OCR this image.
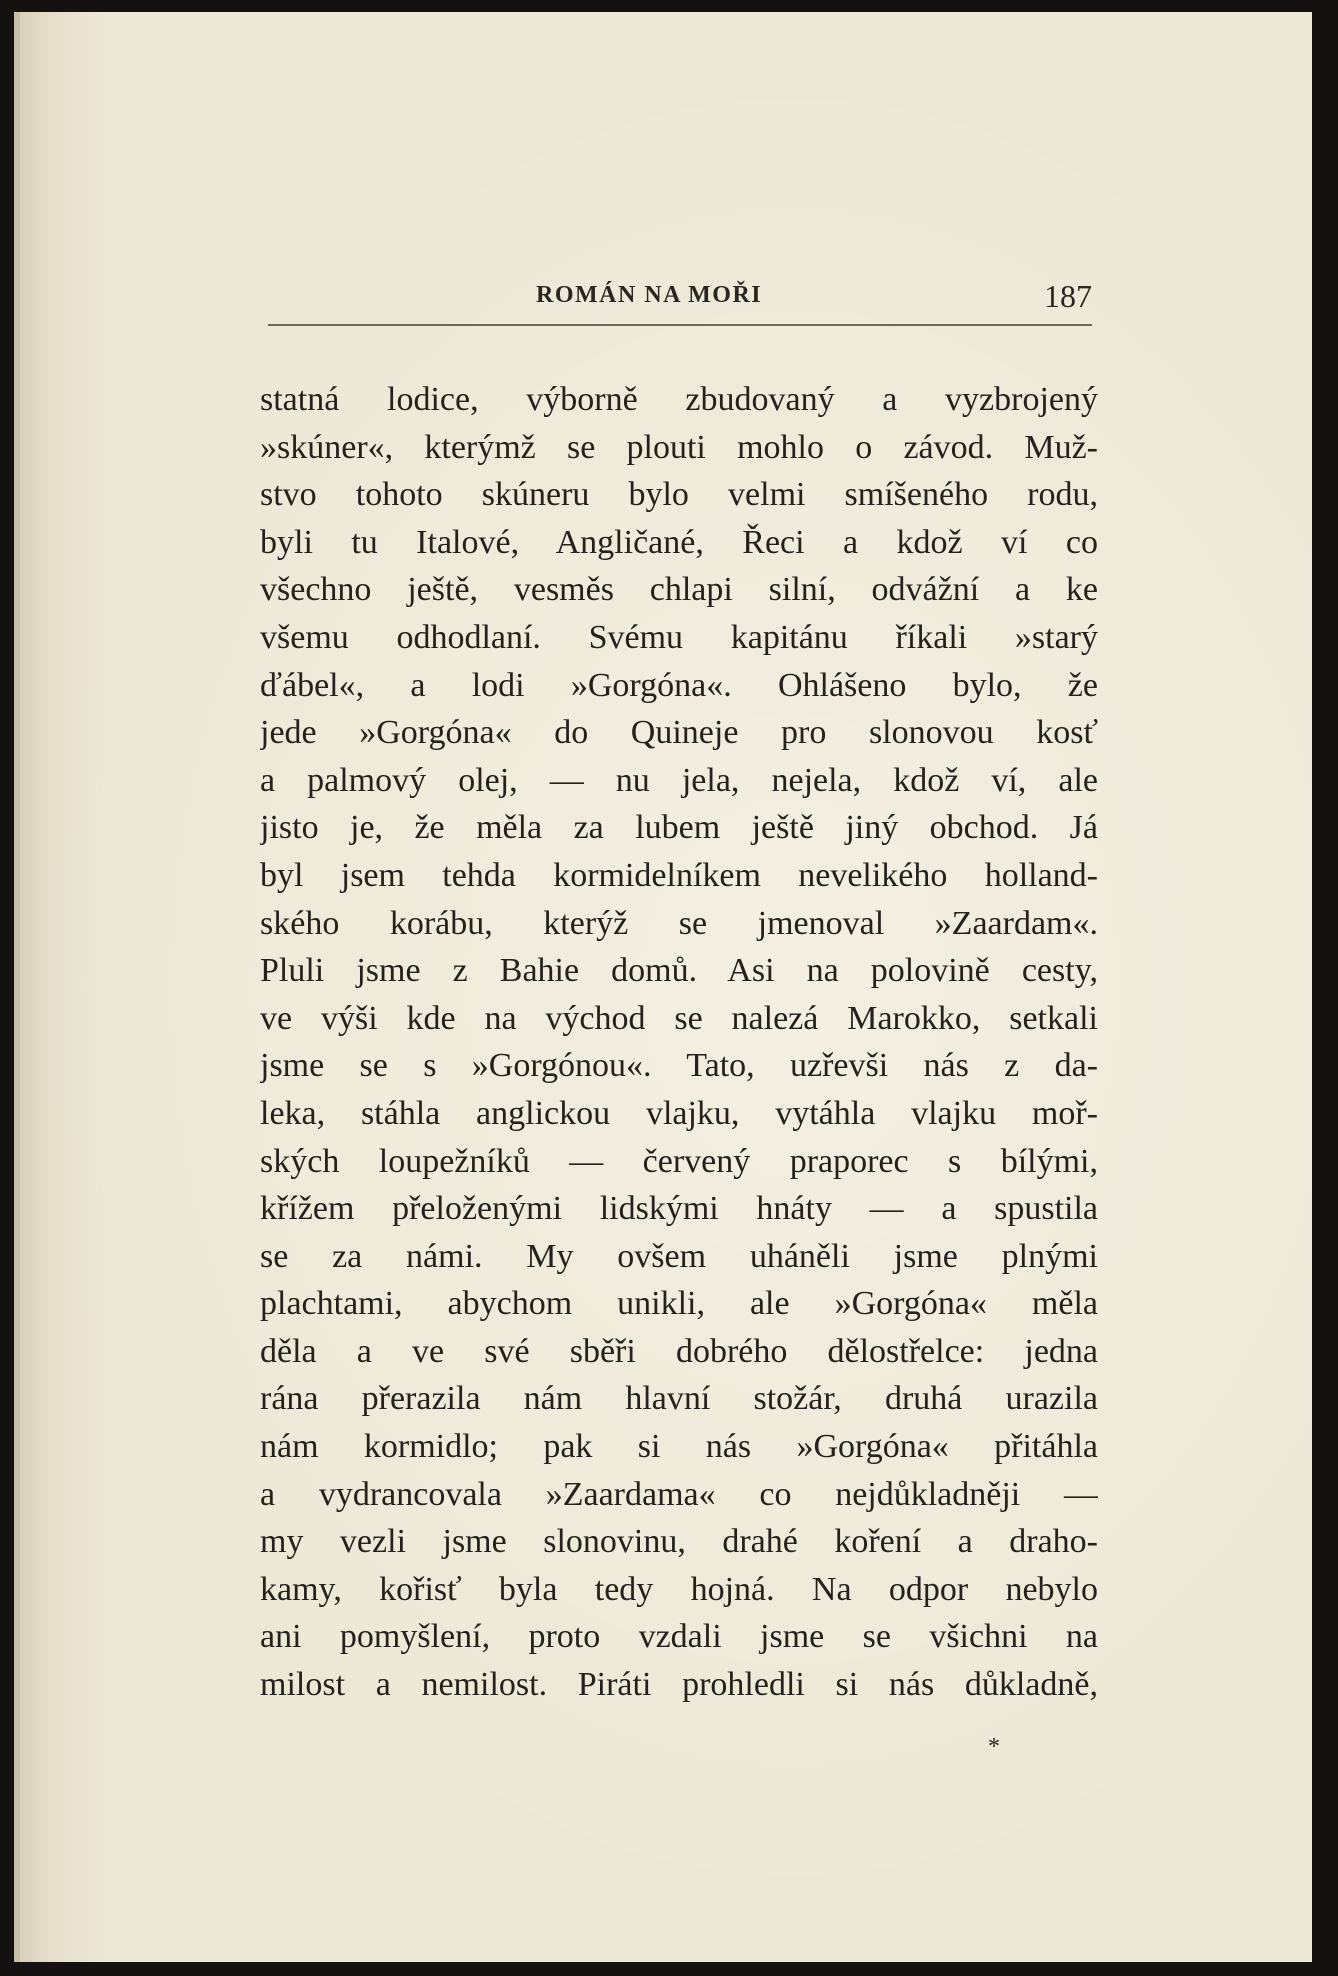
ROMÁN NA MOŘI	187
statná lodice, výborně zbudovaný a vyzbrojený
»skúner«, kterýmž se plouti mohlo o závod. Muž-
stvo tohoto skúneru bylo velmi smíšeného rodu,
byli tu Italové, Angličané, Řeci a kdož ví co
všechno ještě, vesměs chlapi silní, odvážní a ke
všemu odhodlaní. Svému kapitánu říkali »starý
ďábel«, a lodi »Gorgóna«. Ohlášeno bylo, že
jede »Gorgóna« do Quineje pro slonovou kosť
a palmový olej, — nu jela, nejela, kdož ví, ale
jisto je, že měla za lubem ještě jiný obchod. Já
byl jsem tehda kormidelníkem nevelikého holland-
ského korábu, kterýž se jmenoval »Zaardam«.
Pluli jsme z Bahie domů. Asi na polovině cesty,
ve výši kde na východ se nalezá Marokko, setkali
jsme se s »Gorgónou«. Tato, uzřevši nás z da-
leka, stáhla anglickou vlajku, vytáhla vlajku moř-
ských loupežníků — červený praporec s bílými,
křížem přeloženými lidskými hnáty — a spustila
se za námi. My ovšem uháněli jsme plnými
plachtami, abychom unikli, ale »Gorgóna« měla
děla a ve své sběři dobrého dělostřelce: jedna
rána přerazila nám hlavní stožár, druhá urazila
nám kormidlo; pak si nás »Gorgóna« přitáhla
a vydrancovala »Zaardama« co nejdůkladněji —
my vezli jsme slonovinu, drahé koření a draho-
kamy, kořisť byla tedy hojná. Na odpor nebylo
ani pomyšlení, proto vzdali jsme se všichni na
milost a nemilost. Piráti prohledli si nás důkladně,
*
